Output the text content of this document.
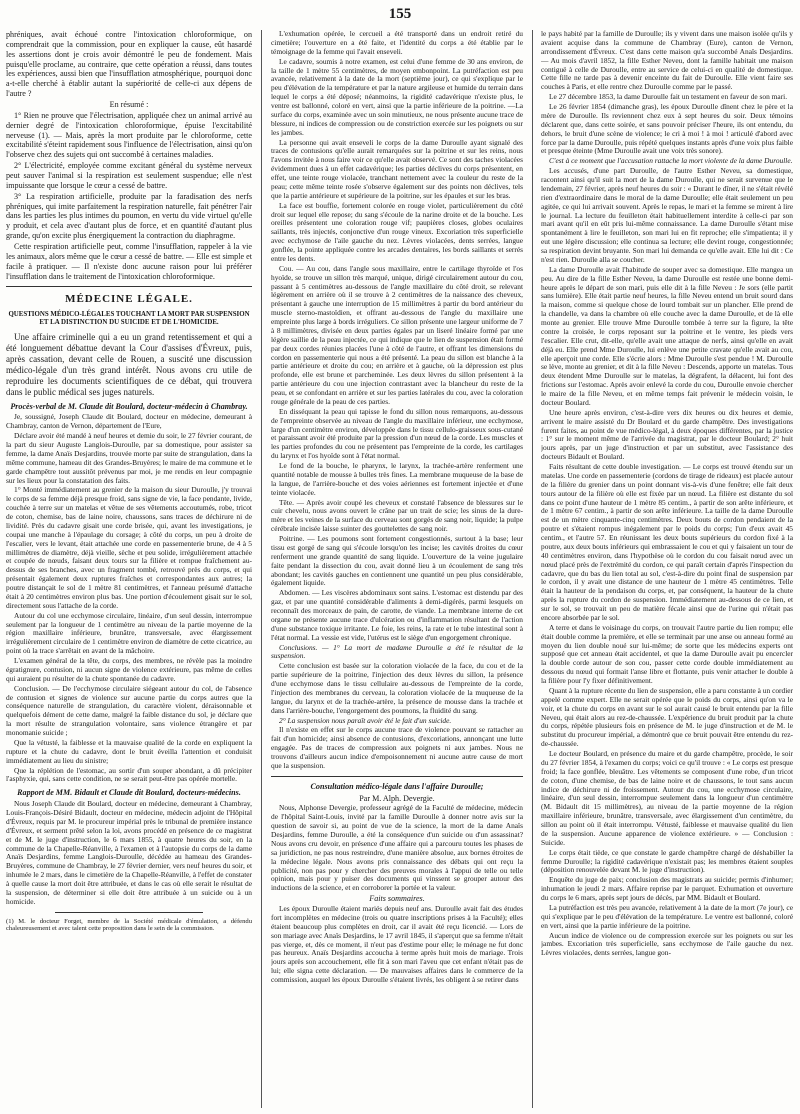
155

phréniques, avait échoué contre l'intoxication chloroformique, on comprendrait que la commission, pour en expliquer la cause, eût hasardé les assertions dont je crois avoir démontré le peu de fondement. Mais puisqu'elle proclame, au contraire, que cette opération a réussi, dans toutes les expériences, aussi bien que l'insufflation atmosphérique, pourquoi donc a-t-elle cherché à établir autant la supériorité de celle-ci aux dépens de l'autre ?

En résumé :

1° Rien ne prouve que l'électrisation, appliquée chez un animal arrivé au dernier degré de l'intoxication chloroformique, épuise l'excitabilité nerveuse (1). — Mais, après la mort produite par le chloroforme, cette excitabilité s'éteint rapidement sous l'influence de l'électrisation, ainsi qu'on l'observe chez des sujets qui ont succombé à certaines maladies.

2° L'électricité, employée comme excitant général du système nerveux peut sauver l'animal si la respiration est seulement suspendue; elle n'est impuissante que lorsque le cœur a cessé de battre.

3° La respiration artificielle, produite par la faradisation des nerfs phréniques, qui imite parfaitement la respiration naturelle, fait pénétrer l'air dans les parties les plus intimes du poumon, en vertu du vide virtuel qu'elle y produit, et cela avec d'autant plus de force, et en quantité d'autant plus grande, qu'on excite plus énergiquement la contraction du diaphragme.

Cette respiration artificielle peut, comme l'insufflation, rappeler à la vie les animaux, alors même que le cœur a cessé de battre. — Elle est simple et facile à pratiquer. — Il n'existe donc aucune raison pour lui préférer l'insufflation dans le traitement de l'intoxication chloroformique.

MÉDECINE LÉGALE.
QUESTIONS MÉDICO-LÉGALES TOUCHANT LA MORT PAR SUSPENSION ET LA DISTINCTION DU SUICIDE ET DE L'HOMICIDE.

Une affaire criminelle qui a eu un grand retentissement et qui a été longuement débattue devant la Cour d'assises d'Évreux, puis, après cassation, devant celle de Rouen, a suscité une discussion médico-légale d'un très grand intérêt. Nous avons cru utile de reproduire les documents scientifiques de ce débat, qui trouvera dans le public médical ses juges naturels.

Procès-verbal de M. Claude dit Boulard, docteur-médecin à Chambray.

Je, soussigné, Joseph Claude dit Boulard, docteur en médecine, demeurant à Chambray, canton de Vernon, département de l'Eure,

Déclare avoir été mandé à neuf heures et demie du soir, le 27 février courant, de la part du sieur Auguste Langlois-Duroulle, par sa domestique, pour assister sa femme, la dame Anaïs Desjardins, trouvée morte par suite de strangulation, dans la même commune, hameau dit des Grandes-Bruyères; le maire de ma commune et le garde champêtre tout aussitôt prévenus par moi, je me rendis en leur compagnie sur les lieux pour la constatation des faits.

1° Monté immédiatement au grenier de la maison du sieur Duroulle, j'y trouvai le corps de sa femme déjà presque froid, sans signe de vie, la face pendante, livide, couchée à terre sur un matelas et vêtue de ses vêtements accoutumés, robe, tricot de coton, chemise, bas de laine noire, chaussons, sans traces de déchirure ni de lividité. Près du cadavre gisait une corde brisée, qui, avant les investigations, je coupai une manche à l'épaulage du corsage; à côté du corps, un peu à droite de l'escalier, vers le levant, était attachée une corde en passementerie brune, de 4 à 5 millimètres de diamètre, déjà vieille, sèche et peu solide, irrégulièrement attachée et coupée de nœuds, faisant deux tours sur la filière et rompue fraîchement au-dessus de ses branches, avec un fragment tombé, retrouvé près du corps, et qui présentait également deux ruptures fraîches et correspondantes aux autres; la poutre distançait le sol de 1 mètre 81 centimètres, et l'anneau présumé d'attache était à 20 centimètres environ plus bas. Une portion d'écoulement gisait sur le sol, directement sous l'attache de la corde.

Autour du col une ecchymose circulaire, linéaire, d'un seul dessin, interrompue seulement par la longueur de 1 centimètre au niveau de la partie moyenne de la région maxillaire inférieure, brunâtre, transversale, avec élargissement irrégulièrement circulaire de 1 centimètre environ de diamètre de cette cicatrice, au point où la trace s'arrêtait en avant de la mâchoire.

L'examen général de la tête, du corps, des membres, ne révèle pas la moindre égratignure, contusion, ni aucun signe de violence extérieure, pas même de celles qui auraient pu résulter de la chute spontanée du cadavre.

Conclusion. — De l'ecchymose circulaire siégeant autour du col, de l'absence de contusion et signes de violence sur aucune partie du corps autres que la conséquence naturelle de strangulation, du caractère violent, déraisonnable et quelquefois dément de cette dame, malgré la faible distance du sol, je déclare que la mort résulte de strangulation volontaire, sans violence étrangère et par monomanie suicide ;

Que la vétusté, la faiblesse et la mauvaise qualité de la corde en expliquent la rupture et la chute du cadavre, dont le bruit éveilla l'attention et conduisit immédiatement au lieu du sinistre;

Que la réplétion de l'estomac, au sortir d'un souper abondant, a dû précipiter l'asphyxie, qui, sans cette condition, ne se serait peut-être pas opérée mortelle.

Rapport de MM. Bidault et Claude dit Boulard, docteurs-médecins.

Nous Joseph Claude dit Boulard, docteur en médecine, demeurant à Chambray, Louis-François-Désiré Bidault, docteur en médecine, médecin adjoint de l'Hôpital d'Évreux, requis par M. le procureur impérial près le tribunal de première instance d'Évreux, et serment prêté selon la loi, avons procédé en présence de ce magistrat et de M. le juge d'instruction, le 6 mars 1855, à quatre heures du soir, en la commune de la Chapelle-Réanville, à l'examen et à l'autopsie du corps de la dame Anaïs Desjardins, femme Langlois-Duroulle, décédée au hameau des Grandes-Bruyères, commune de Chambray, le 27 février dernier, vers neuf heures du soir, et inhumée le 2 mars, dans le cimetière de la Chapelle-Réanville, à l'effet de constater à quelle cause la mort doit être attribuée, et dans le cas où elle serait le résultat de la suspension, de déterminer si elle doit être attribuée à un suicide ou à un homicide.

(1) M. le docteur Forget, membre de la Société médicale d'émulation, a défendu chaleureusement et avec talent cette proposition dans le sein de la commission.

L'exhumation opérée, le cercueil a été transporté dans un endroit retiré du cimetière; l'ouverture en a été faite, et l'identité du corps a été établie par le témoignage de la femme qui l'avait enseveli.

Le cadavre, soumis à notre examen, est celui d'une femme de 30 ans environ, de la taille de 1 mètre 55 centimètres, de moyen embonpoint. La putréfaction est peu avancée, relativement à la date de la mort (septième jour), ce qui s'explique par le peu d'élévation de la température et par la nature argileuse et humide du terrain dans lequel le corps a été déposé; néanmoins, la rigidité cadavérique n'existe plus, le ventre est ballonné, coloré en vert, ainsi que la partie inférieure de la poitrine. —La surface du corps, examinée avec un soin minutieux, ne nous présente aucune trace de blessure, ni indices de compression ou de constriction exercée sur les poignets ou sur les jambes.

La personne qui avait enseveli le corps de la dame Duroulle ayant signalé des traces de contusions qu'elle aurait remarquées sur la poitrine et sur les reins, nous l'avons invitée à nous faire voir ce qu'elle avait observé. Ce sont des taches violacées évidemment dues à un effet cadavérique; les parties déclives du corps présentent, en effet, une teinte rouge violacée, tranchant nettement avec la couleur du reste de la peau; cette même teinte rosée s'observe également sur des points non déclives, tels que la partie antérieure et supérieure de la poitrine, sur les épaules et sur les bras.

La face est bouffie, fortement colorée en rouge violet, particulièrement du côté droit sur lequel elle repose; du sang s'écoule de la narine droite et de la bouche. Les oreilles présentent une coloration rouge vif; paupières closes, globes oculaires saillants, très injectés, conjonctive d'un rouge vineux. Excoriation très superficielle avec ecchymose de l'aile gauche du nez. Lèvres violacées, dents serrées, langue gonflée, la pointe appliquée contre les arcades dentaires, les bords saillants et serrés entre les dents.

Cou. — Au cou, dans l'angle sous maxillaire, entre le cartilage thyroïde et l'os hyoïde, se trouve un sillon très marqué, unique, dirigé circulairement autour du cou, passant à 5 centimètres au-dessous de l'angle maxillaire du côté droit, se relevant légèrement en arrière où il se trouve à 2 centimètres de la naissance des cheveux, présentant à gauche une interruption de 15 millimètres à partir du bord antérieur du muscle sterno-mastoïdien, et offrant au-dessous de l'angle du maxillaire une empreinte plus large à bords irréguliers. Ce sillon présente une largeur uniforme de 7 à 8 millimètres, divisée en deux parties égales par un liseré linéaire formé par une légère saillie de la peau injectée, ce qui indique que le lien de suspension était formé par deux cordes réunies placées l'une à côté de l'autre, et offrant les dimensions du cordon en passementerie qui nous a été présenté. La peau du sillon est blanche à la partie antérieure et droite du cou; en arrière et à gauche, où la dépression est plus profonde, elle est brune et parcheminée. Les deux lèvres du sillon présentent à la partie antérieure du cou une injection contrastant avec la blancheur du reste de la peau, et se confondant en arrière et sur les parties latérales du cou, avec la coloration rouge générale de la peau de ces parties.

En disséquant la peau qui tapisse le fond du sillon nous remarquons, au-dessous de l'empreinte observée au niveau de l'angle du maxillaire inférieur, une ecchymose, large d'un centimètre environ, développée dans le tissu cellulo-graisseux sous-cutané et paraissant avoir été produite par la pression d'un nœud de la corde. Les muscles et les parties profondes du cou ne présentent pas l'empreinte de la corde, les cartilages du larynx et l'os hyoïde sont à l'état normal.

Le fond de la bouche, le pharynx, le larynx, la trachée-artère renferment une quantité notable de mousse à bulles très fines. La membrane muqueuse de la base de la langue, de l'arrière-bouche et des voies aériennes est fortement injectée et d'une teinte violacée.

Tête. — Après avoir coupé les cheveux et constaté l'absence de blessures sur le cuir chevelu, nous avons ouvert le crâne par un trait de scie; les sinus de la dure-mère et les veines de la surface du cerveau sont gorgés de sang noir, liquide; la pulpe cérébrale incisée laisse suinter des gouttelettes de sang noir.

Poitrine. — Les poumons sont fortement congestionnés, surtout à la base; leur tissu est gorgé de sang qui s'écoule lorsqu'on les incise; les cavités droites du cœur renferment une grande quantité de sang liquide. L'ouverture de la veine jugulaire faite pendant la dissection du cou, avait donné lieu à un écoulement de sang très abondant; les cavités gauches en contiennent une quantité un peu plus considérable, également liquide.

Abdomen. — Les viscères abdominaux sont sains. L'estomac est distendu par des gaz, et par une quantité considérable d'aliments à demi-digérés, parmi lesquels on reconnaît des morceaux de pain, de carotte, de viande. La membrane interne de cet organe ne présente aucune trace d'ulcération ou d'inflammation résultant de l'action d'une substance toxique irritante. Le foie, les reins, la rate et le tube intestinal sont à l'état normal. La vessie est vide, l'utérus est le siège d'un engorgement chronique.

Conclusions. — 1° La mort de madame Duroulle a été le résultat de la suspension.

Cette conclusion est basée sur la coloration violacée de la face, du cou et de la partie supérieure de la poitrine, l'injection des deux lèvres du sillon, la présence d'une ecchymose dans le tissu cellulaire au-dessous de l'empreinte de la corde, l'injection des membranes du cerveau, la coloration violacée de la muqueuse de la langue, du larynx et de la trachée-artère, la présence de mousse dans la trachée et dans l'arrière-bouche, l'engorgement des poumons, la fluidité du sang.

2° La suspension nous paraît avoir été le fait d'un suicide.

Il n'existe en effet sur le corps aucune trace de violence pouvant se rattacher au fait d'un homicide; ainsi absence de contusions, d'excoriations, annonçant une lutte engagée. Pas de traces de compression aux poignets ni aux jambes. Nous ne trouvons d'ailleurs aucun indice d'empoisonnement ni aucune autre cause de mort que la suspension.

Consultation médico-légale dans l'affaire Duroulle;

Par M. Alph. Devergie.

Nous, Alphonse Devergie, professeur agrégé de la Faculté de médecine, médecin de l'hôpital Saint-Louis, invité par la famille Duroulle à donner notre avis sur la question de savoir si, au point de vue de la science, la mort de la dame Anaïs Desjardins, femme Duroulle, a été la conséquence d'un suicide ou d'un assassinat? Nous avons cru devoir, en présence d'une affaire qui a parcouru toutes les phases de sa juridiction, ne pas nous restreindre, d'une manière absolue, aux bornes étroites de la médecine légale. Nous avons pris connaissance des débats qui ont reçu la publicité, non pas pour y chercher des preuves morales à l'appui de telle ou telle opinion, mais pour y puiser des documents qui vinssent se grouper autour des inductions de la science, et en corroborer la portée et la valeur.

Faits sommaires.

Les époux Duroulle étaient mariés depuis neuf ans. Duroulle avait fait des études fort incomplètes en médecine (trois ou quatre inscriptions prises à la Faculté); elles étaient beaucoup plus complètes en droit, car il avait été reçu licencié. — Lors de son mariage avec Anaïs Desjardins, le 17 avril 1845, il s'aperçut que sa femme n'était pas vierge, et, dès ce moment, il n'eut pas d'estime pour elle; le ménage ne fut donc pas heureux. Anaïs Desjardins accoucha à terme après huit mois de mariage. Trois jours après son accouchement, elle fit à son mari l'aveu que cet enfant n'était pas de lui; elle signa cette déclaration. — De mauvaises affaires dans le commerce de la commission, auquel les époux Duroulle s'étaient livrés, les obligent à se retirer dans

le pays habité par la famille de Duroulle; ils y vivent dans une maison isolée qu'ils y avaient acquise dans la commune de Chambray (Eure), canton de Vernon, arrondissement d'Évreux. C'est dans cette maison qu'a succombé Anaïs Desjardins. — Au mois d'avril 1852, la fille Esther Neveu, dont la famille habitait une maison contiguë à celle de Duroulle, entre au service de celui-ci en qualité de domestique. Cette fille ne tarde pas à devenir enceinte du fait de Duroulle. Elle vient faire ses couches à Paris, et elle rentre chez Duroulle comme par le passé.

Le 27 décembre 1853, la dame Duroulle fait un testament en faveur de son mari.

Le 26 février 1854 (dimanche gras), les époux Duroulle dînent chez le père et la mère de Duroulle. Ils reviennent chez eux à sept heures du soir. Deux témoins déclarent que, dans cette soirée, et sans pouvoir préciser l'heure, ils ont entendu, du dehors, le bruit d'une scène de violence; le cri à moi ! à moi ! articulé d'abord avec force par la dame Duroulle, puis répété quelques instants après d'une voix plus faible et presque éteinte (Mme Duroulle avait une voix très sonore).

C'est à ce moment que l'accusation rattache la mort violente de la dame Duroulle.

Les accusés, d'une part Duroulle, de l'autre Esther Neveu, sa domestique, racontent ainsi qu'il suit la mort de la dame Duroulle, qui ne serait survenue que le lendemain, 27 février, après neuf heures du soir : « Durant le dîner, il ne s'était révélé rien d'extraordinaire dans le moral de la dame Duroulle; elle était seulement un peu agitée, ce qui lui arrivait souvent. Après le repas, le mari et la femme se mirent à lire le journal. La lecture du feuilleton était habituellement interdite à celle-ci par son mari avant qu'il en eût pris lui-même connaissance. La dame Duroulle s'étant mise spontanément à lire le feuilleton, son mari lui en fit reproche; elle s'impatienta; il y eut une légère discussion; elle continua sa lecture; elle devint rouge, congestionnée; sa respiration devint bruyante. Son mari lui demanda ce qu'elle avait. Elle lui dit : Ce n'est rien. Duroulle alla se coucher.

La dame Duroulle avait l'habitude de souper avec sa domestique. Elle mangea un peu. Au dire de la fille Esther Neveu, la dame Duroulle est restée une bonne demi-heure après le départ de son mari, puis elle dit à la fille Neveu : Je sors (elle partit sans lumière). Elle était partie neuf heures, la fille Neveu entend un bruit sourd dans la maison, comme si quelque chose de lourd tombait sur un plancher. Elle prend de la chandelle, va dans la chambre où elle couche avec la dame Duroulle, et de là elle monte au grenier. Elle trouve Mme Duroulle tombée à terre sur la figure, la tête contre la croisée, le corps reposant sur la poitrine et le ventre, les pieds vers l'escalier. Elle crut, dit-elle, qu'elle avait une attaque de nerfs, ainsi qu'elle en avait déjà eu. Elle prend Mme Duroulle, lui enlève une petite cravate qu'elle avait au cou, elle aperçoit une corde. Elle s'écrie alors : Mme Duroulle s'est pendue ! M. Duroulle se lève, monte au grenier, et dit à la fille Neveu : Descends, apporte un matelas. Tous deux étendent Mme Duroulle sur le matelas, la dégrafent, la délacent, lui font des frictions sur l'estomac. Après avoir enlevé la corde du cou, Duroulle envoie chercher le maire de la fille Neveu, et en même temps fait prévenir le médecin voisin, le docteur Boulard.

Une heure après environ, c'est-à-dire vers dix heures ou dix heures et demie, arrivent le maire assisté du Dr Boulard et du garde champêtre. Des investigations furent faites, au point de vue médico-légal, à deux époques différentes, par la justice : 1° sur le moment même de l'arrivée du magistrat, par le docteur Boulard; 2° huit jours après, par un juge d'instruction et par un substitut, avec l'assistance des docteurs Bidault et Boulard.

Faits résultant de cette double investigation. — Le corps est trouvé étendu sur un matelas. Une corde en passementerie (cordons de tirage de rideaux) est placée autour de la filière du grenier dans un point donnant vis-à-vis d'une fenêtre; elle fait deux tours autour de la filière où elle est fixée par un nœud. La filière est distante du sol dans ce point d'une hauteur de 1 mètre 85 centim., à partir de son arête inférieure, et de 1 mètre 67 centim., à partir de son arête inférieure. La taille de la dame Duroulle est de un mètre cinquante-cinq centimètres. Deux bouts de cordon pendaient de la poutre et s'étaient rompus inégalement par le poids du corps; l'un d'eux avait 45 centim., et l'autre 57. En réunissant les deux bouts supérieurs du cordon fixé à la poutre, aux deux bouts inférieurs qui embrassaient le cou et qui y faisaient un tour de 40 centimètres environ, dans l'hypothèse où le cordon du cou faisait nœud avec un nœud placé près de l'extrémité du cordon, ce qui paraît certain d'après l'inspection du cadavre, que du bas du lien total au sol, c'est-à-dire du point final de suspension par le cordon, il y avait une distance de une hauteur de 1 mètre 45 centimètres. Telle était la hauteur de la pendaison du corps, et, par conséquent, la hauteur de la chute après la rupture du cordon de suspension. Immédiatement au-dessous de ce lien, et sur le sol, se trouvait un peu de matière fécale ainsi que de l'urine qui n'était pas encore absorbée par le sol.

A terre et dans le voisinage du corps, on trouvait l'autre partie du lien rompu; elle était double comme la première, et elle se terminait par une anse ou anneau formé au moyen du lien double noué sur lui-même; de sorte que les médecins experts ont supposé que cet anneau était accidentel, et que la dame Duroulle avait pu encercler la double corde autour de son cou, passer cette corde double immédiatement au dessous du nœud qui formait l'anse libre et flottante, puis venir attacher le double à la filière pour l'y fixer définitivement.

Quant à la rupture récente du lien de suspension, elle a paru constante à un cordier appelé comme expert. Elle ne serait opérée que le poids du corps, ainsi qu'on va le voir, et la chute du corps en avant sur le sol aurait causé le bruit entendu par la fille Neveu, qui était alors au rez-de-chaussée. L'expérience du bruit produit par la chute du corps, répétée plusieurs fois en présence de M. le juge d'instruction et de M. le substitut du procureur impérial, a démontré que ce bruit pouvait être entendu du rez-de-chaussée.

Le docteur Boulard, en présence du maire et du garde champêtre, procède, le soir du 27 février 1854, à l'examen du corps; voici ce qu'il trouve : « Le corps est presque froid; la face gonflée, bleuâtre. Les vêtements se composent d'une robe, d'un tricot de coton, d'une chemise, de bas de laine noire et de chaussons, le tout sans aucun indice de déchirure ni de froissement. Autour du cou, une ecchymose circulaire, linéaire, d'un seul dessin, interrompue seulement dans la longueur d'un centimètre (M. Bidault dit 15 millimètres), au niveau de la partie moyenne de la région maxillaire inférieure, brunâtre, transversale, avec élargissement d'un centimètre, du sillon au point où il était interrompu. Vétusté, faiblesse et mauvaise qualité du lien de la suspension. Aucune apparence de violence extérieure. » — Conclusion : Suicide.

Le corps était tiède, ce que constate le garde champêtre chargé de déshabiller la femme Duroulle; la rigidité cadavérique n'existait pas; les membres étaient souples (déposition renouvelée devant M. le juge d'instruction).

Enquête du juge de paix; conclusion des magistrats au suicide; permis d'inhumer; inhumation le jeudi 2 mars. Affaire reprise par le parquet. Exhumation et ouverture du corps le 6 mars, après sept jours de décès, par MM. Bidault et Boulard.

La putréfaction est très peu avancée, relativement à la date de la mort (7e jour), ce qui s'explique par le peu d'élévation de la température. Le ventre est ballonné, coloré en vert, ainsi que la partie inférieure de la poitrine.

Aucun indice de violence ou de compression exercée sur les poignets ou sur les jambes. Excoriation très superficielle, sans ecchymose de l'aile gauche du nez. Lèvres violacées, dents serrées, langue gon-
